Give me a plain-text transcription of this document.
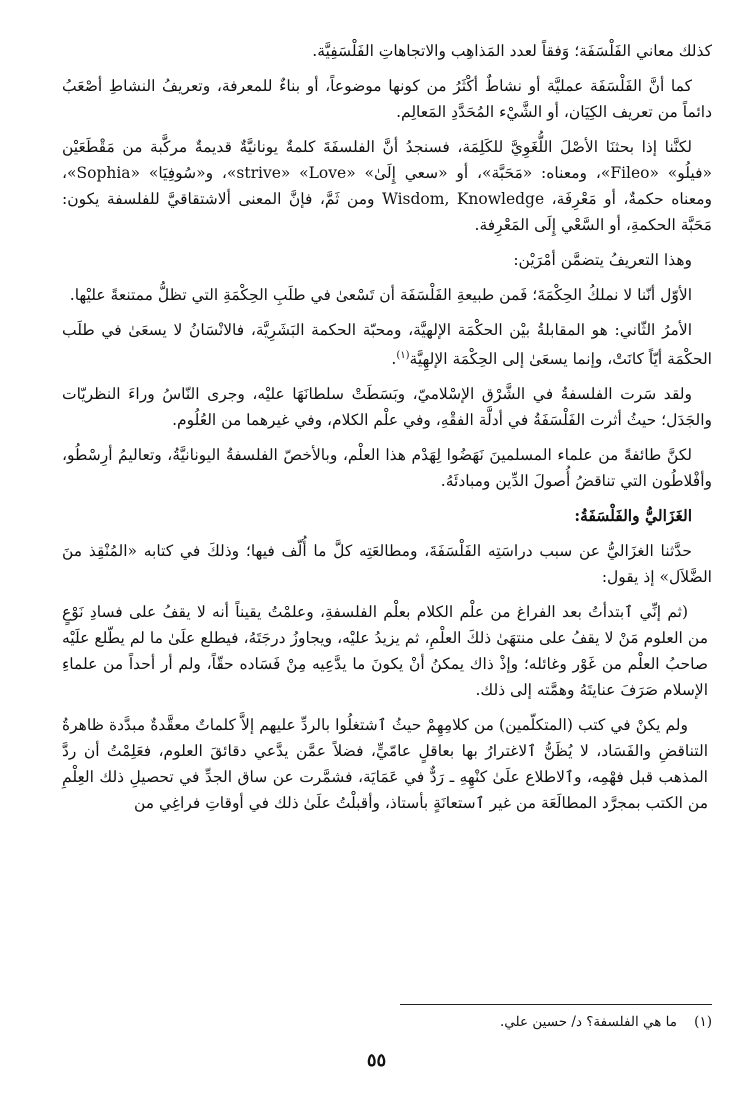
كذلك معاني الفَلْسَفَة؛ وَفقاً لعدد المَذاهِب والاتجاهاتِ الفَلْسَفِيَّة.

كما أنَّ الفَلْسَفَة عمليَّة أو نشاطٌ أكْثَرُ من كونها موضوعاً، أو بناءٌ للمعرفة، وتعريفُ النشاطِ أصْعَبُ دائماً من تعريف الكِيَان، أو الشَّيْء المُحَدَّدِ المَعالِم.

لكنَّنا إذا بحثنَا الأصْلَ اللُّغَوِيَّ للكَلِمَة، فسنجدُ أنَّ الفلسفَةَ كلمةٌ يونانيَّةٌ قديمةٌ مركَّبة من مَقْطَعَيْن «فيلُو» «Fileo»، ومعناه: «مَحَبَّة»، أو «سعي إِلَىٰ» «strive» «Love»، و«سُوفِيَا» «Sophia»، ومعناه حكمةٌ، أو مَعْرِفَة، Wisdom, Knowledge ومن ثَمَّ، فإنَّ المعنى ألاشتقاقيَّ للفلسفة يكون: مَحَبَّة الحكمةِ، أو السَّعْي إِلَى المَعْرِفة.

وهذا التعريفُ يتضمَّن أمْرَيْن:

الأوّل أنّنا لا نملكُ الحِكْمَةَ؛ فَمن طبيعةِ الفَلْسَفَة أن تَسْعىٰ في طلَبِ الحِكْمَةِ التي تظلُّ ممتنعةً عليْها.

الأمرُ الثّاني: هو المقابلةُ بيْن الحكْمَة الإلهيَّة، ومحبّة الحكمة البَشَرِيَّة، فالانْسَانُ لا يسعَىٰ في طلَب الحكْمَة أيّاً كانَتْ، وإنما يسعَىٰ إلى الحِكْمَة الإلهِيَّة$^{(١)}$.

ولقد سَرت الفلسفةُ في الشَّرْق الإسْلاميّ، وبَسَطَتْ سلطانَهَا عليْه، وجرى النّاسُ وراءَ النظريّات والجَدَل؛ حيثُ أثرت الفَلْسَفَةُ في أدلَّة الفقْهِ، وفي علْم الكلام، وفي غيرهما من العُلُوم.

لكنَّ طائفةً من علماء المسلمينَ نَهَضُوا لِهَدْم هذا العلْم، وبالأخصّ الفلسفةُ اليونانيَّةُ، وتعاليمُ أرِسْطُو، وأفْلاطُون التي تناقضُ أُصولَ الدِّين ومبادئَهُ.

الغَزَاليُّ والفَلْسَفَةُ:

حدَّثنا الغزَاليُّ عن سبب دراسَتِه الفَلْسَفَةَ، ومطالعَتِه كلَّ ما أُلّف فيها؛ وذلكَ في كتابه «المُنْقِذ منَ الضَّلاَل» إذ يقول:

(ثم إنِّي ٱبتدأتُ بعد الفراغ من علْم الكلام بعلْم الفلسفةِ، وعلمْتُ يقيناً أنه لا يقفُ على فسادِ نَوْعٍ من العلوم مَنْ لا يقفُ على منتهَىٰ ذلكَ العلْمِ، ثم يزيدُ عليْه، ويجاوزُ درجَتَهُ، فيطلع علَىٰ ما لم يطّلع علَيْه صاحبُ العلْم من غَوْر وغائله؛ وإذْ ذاك يمكنُ أنْ يكونَ ما يدَّعِيه مِنْ فَسَاده حقّاً، ولم أر أحداً من علماءِ الإسلام صَرَفَ عنايتَهُ وهمَّته إلى ذلك.

ولم يكنْ في كتب (المتكلّمين) من كلامِهِمْ حيثُ ٱشتغلُوا بالردِّ عليهم إلاَّ كلماتٌ معقَّدةٌ مبدَّدة ظاهرةُ التناقضِ والفَسَاد، لا يُظَنُّ ٱلاغترارُ بها بعاقلٍ عامّيٍّ، فضلاً عمَّن يدَّعي دقائقَ العلوم، فعَلِمْتُ أن ردَّ المذهب قبل فهْمِه، وٱلاطلاع علَىٰ كنْهِهِ ـ رَدٌّ في عَمَايَة، فشمَّرت عن ساق الجدِّ في تحصيلِ ذلك العِلْمِ من الكتب بمجرَّد المطالَعَة من غير ٱستعانَةٍ بأستاذ، وأقبلْتُ علَىٰ ذلك في أوقاتِ فراغِي من

(١)    ما هي الفلسفة؟ د/ حسين علي.
٥٥
